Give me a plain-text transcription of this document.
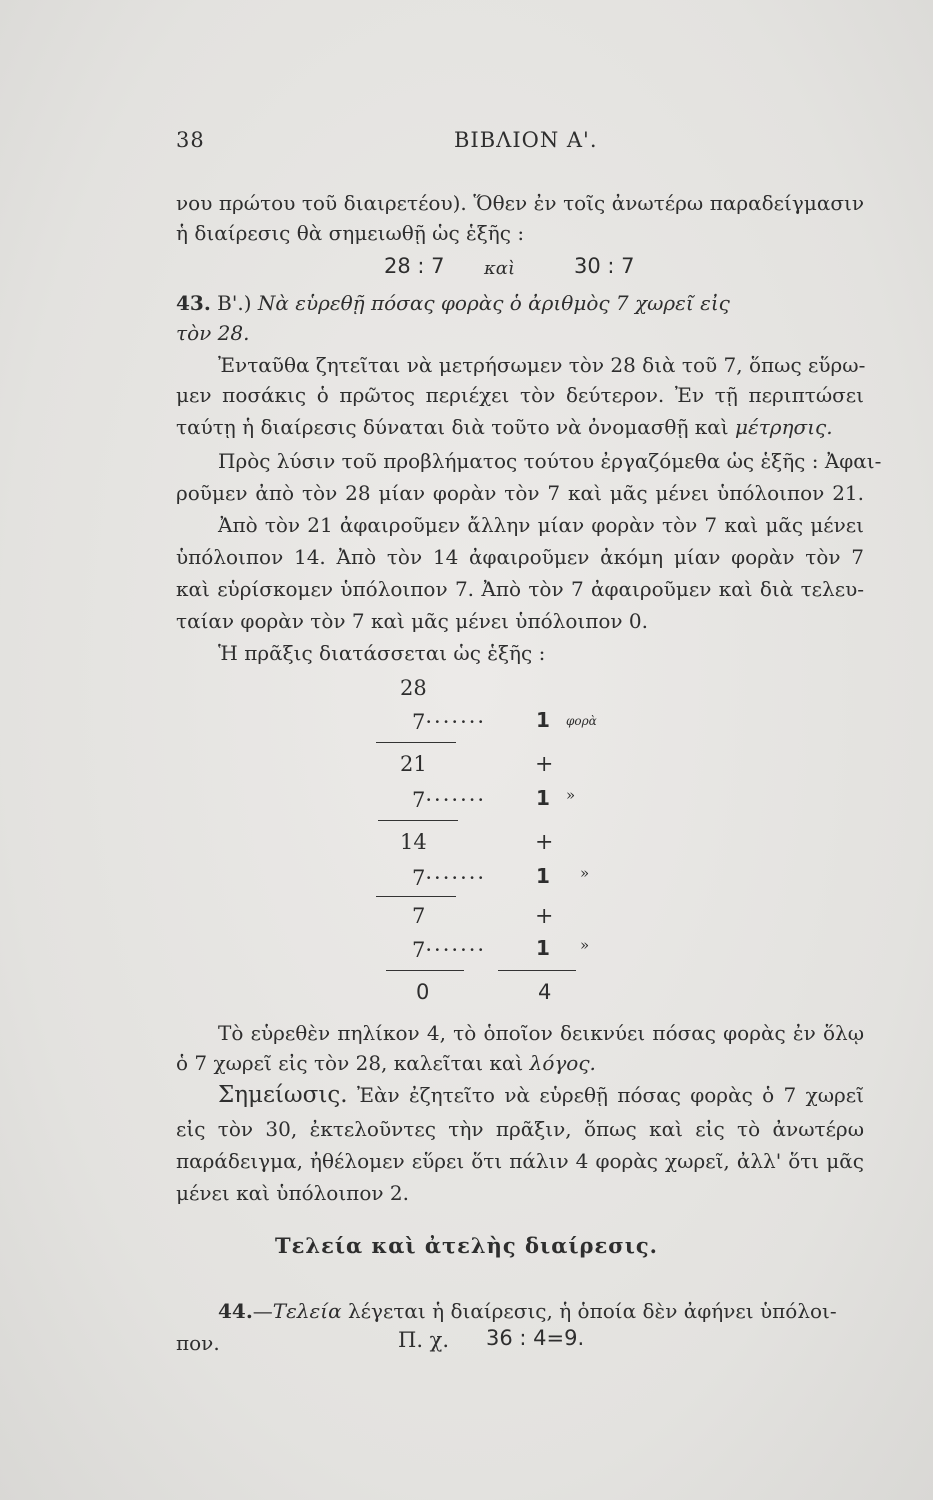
38	ΒΙΒΛΙΟΝ Α'.
νου πρώτου τοῦ διαιρετέου). Ὅθεν ἐν τοῖς ἀνωτέρω παραδείγμασιν
ἡ διαίρεσις θὰ σημειωθῇ ὡς ἑξῆς :
28 : 7 καὶ	30 : 7
43. Β'.) Νὰ εὑρεθῇ πόσας φορὰς ὁ ἀριθμὸς 7 χωρεῖ εἰς
τὸν 28.
Ἐνταῦθα ζητεῖται νὰ μετρήσωμεν τὸν 28 διὰ τοῦ 7, ὅπως εὕρω-
μεν ποσάκις ὁ πρῶτος περιέχει τὸν δεύτερον. Ἐν τῇ περιπτώσει
ταύτῃ ἡ διαίρεσις δύναται διὰ τοῦτο νὰ ὀνομασθῇ καὶ μέτρησις.
Πρὸς λύσιν τοῦ προβλήματος τούτου ἐργαζόμεθα ὡς ἑξῆς : Ἀφαι-
ροῦμεν ἀπὸ τὸν 28 μίαν φορὰν τὸν 7 καὶ μᾶς μένει ὑπόλοιπον 21.
Ἀπὸ τὸν 21 ἀφαιροῦμεν ἄλλην μίαν φορὰν τὸν 7 καὶ μᾶς μένει
ὑπόλοιπον 14. Ἀπὸ τὸν 14 ἀφαιροῦμεν ἀκόμη μίαν φορὰν τὸν 7
καὶ εὑρίσκομεν ὑπόλοιπον 7. Ἀπὸ τὸν 7 ἀφαιροῦμεν καὶ διὰ τελευ-
ταίαν φορὰν τὸν 7 καὶ μᾶς μένει ὑπόλοιπον 0.
Ἡ πρᾶξις διατάσσεται ὡς ἑξῆς :
28
7······· 1 φορὰ
21	+
7······· 1 »
14	+
7······· 1 »
7	+
7······· 1 »
0	4
Τὸ εὑρεθὲν πηλίκον 4, τὸ ὁποῖον δεικνύει πόσας φορὰς ἐν ὅλῳ
ὁ 7 χωρεῖ εἰς τὸν 28, καλεῖται καὶ λόγος.
Σημείωσις. Ἐὰν ἐζητεῖτο νὰ εὑρεθῇ πόσας φορὰς ὁ 7 χωρεῖ
εἰς τὸν 30, ἐκτελοῦντες τὴν πρᾶξιν, ὅπως καὶ εἰς τὸ ἀνωτέρω
παράδειγμα, ἠθέλομεν εὕρει ὅτι πάλιν 4 φορὰς χωρεῖ, ἀλλ' ὅτι μᾶς
μένει καὶ ὑπόλοιπον 2.
Τελεία καὶ ἀτελὴς διαίρεσις.
44.—Τελεία λέγεται ἡ διαίρεσις, ἡ ὁποία δὲν ἀφήνει ὑπόλοι-
πον.	Π. χ. 36 : 4=9.
